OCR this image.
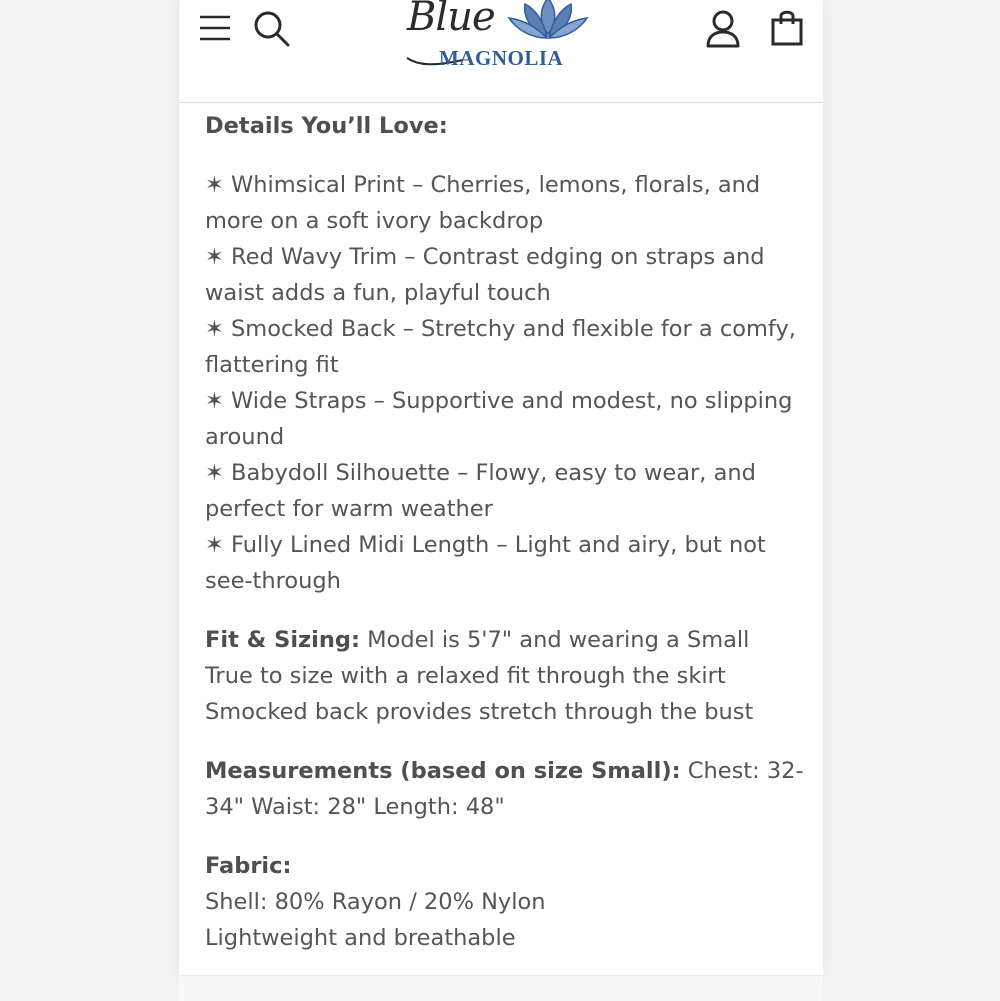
Blue
MAGNOLIA

Details You’ll Love:

✶ Whimsical Print – Cherries, lemons, florals, and more on a soft ivory backdrop

✶ Red Wavy Trim – Contrast edging on straps and waist adds a fun, playful touch

✶ Smocked Back – Stretchy and flexible for a comfy, flattering fit

✶ Wide Straps – Supportive and modest, no slipping around

✶ Babydoll Silhouette – Flowy, easy to wear, and perfect for warm weather

✶ Fully Lined Midi Length – Light and airy, but not see-through

Fit & Sizing: Model is 5'7" and wearing a Small

True to size with a relaxed fit through the skirt

Smocked back provides stretch through the bust

Measurements (based on size Small): Chest: 32-34" Waist: 28" Length: 48"

Fabric:

Shell: 80% Rayon / 20% Nylon

Lightweight and breathable
